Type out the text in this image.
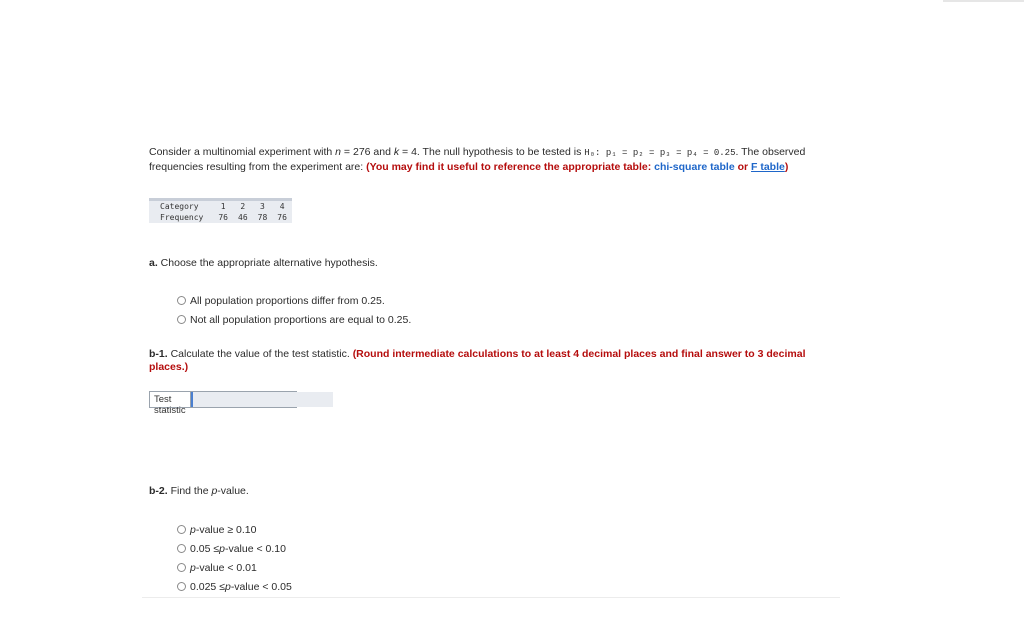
Consider a multinomial experiment with n = 276 and k = 4. The null hypothesis to be tested is H₀: p₁ = p₂ = p₃ = p₄ = 0.25. The observed frequencies resulting from the experiment are: (You may find it useful to reference the appropriate table: chi-square table or F table)
Category	1	2	3	4
Frequency	76	46	78	76
a. Choose the appropriate alternative hypothesis.
All population proportions differ from 0.25.
Not all population proportions are equal to 0.25.
b-1. Calculate the value of the test statistic. (Round intermediate calculations to at least 4 decimal places and final answer to 3 decimal places.)
Test statistic
b-2. Find the p-value.
p -value ≥ 0.10
0.05 ≤ p -value < 0.10
p -value < 0.01
0.025 ≤ p -value < 0.05
